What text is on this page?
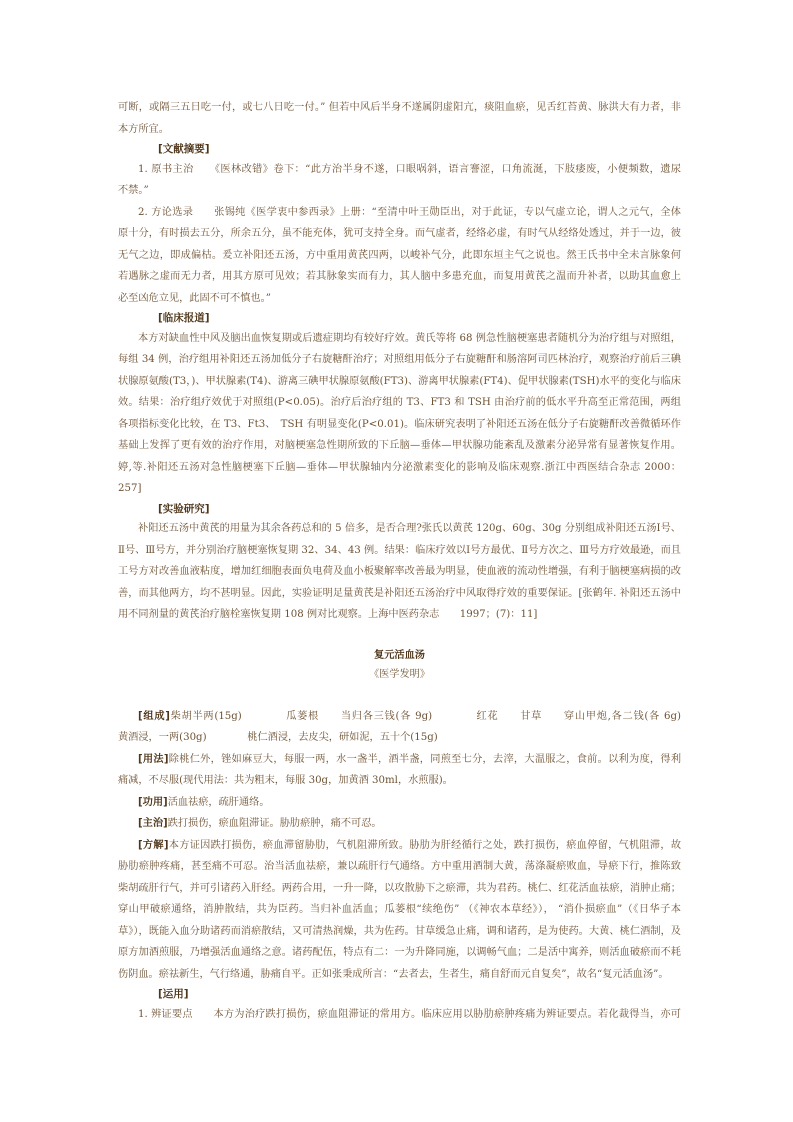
可断，或隔三五日吃一付，或七八日吃一付。” 但若中风后半身不遂属阴虚阳亢，痰阻血瘀，见舌红苔黄、脉洪大有力者，非
本方所宜。
[文献摘要]
1. 原书主治　　《医林改错》卷下：“此方治半身不遂，口眼㖞斜，语言謇涩，口角流涎，下肢痿废，小便频数，遗尿
不禁。”
2. 方论选录　　张锡纯《医学衷中参西录》上册：“至清中叶王勋臣出，对于此证，专以气虚立论，谓人之元气，全体
原十分，有时损去五分，所余五分，虽不能充体，犹可支持全身。而气虚者，经络必虚，有时气从经络处透过，并于一边，彼
无气之边，即成偏枯。爰立补阳还五汤，方中重用黄芪四两，以峻补气分，此即东垣主气之说也。然王氏书中全未言脉象何
若遇脉之虚而无力者，用其方原可见效；若其脉象实而有力，其人脑中多患充血，而复用黄芪之温而升补者，以助其血愈上
必至凶危立见，此固不可不慎也。”
[临床报道]
本方对缺血性中风及脑出血恢复期或后遗症期均有较好疗效。黄氏等将 68 例急性脑梗塞患者随机分为治疗组与对照组，
每组 34 例，治疗组用补阳还五汤加低分子右旋糖酐治疗；对照组用低分子右旋糖酐和肠溶阿司匹林治疗，观察治疗前后三碘
状腺原氨酸(T3，)、甲状腺素(T4)、游离三碘甲状腺原氨酸(FT3)、游离甲状腺素(FT4)、促甲状腺素(TSH)水平的变化与临床
效。结果：治疗组疗效优于对照组(P<0.05)。治疗后治疗组的 T3、FT3 和 TSH 由治疗前的低水平升高至正常范围，两组
各项指标变化比较，在 T3、Ft3、　TSH 有明显变化(P<0.01)。临床研究表明了补阳还五汤在低分子右旋糖酐改善微循环作
基础上发挥了更有效的治疗作用，对脑梗塞急性期所致的下丘脑—垂体—甲状腺功能紊乱及激素分泌异常有显著恢复作用。
婷,等.补阳还五汤对急性脑梗塞下丘脑—垂体—甲状腺轴内分泌激素变化的影响及临床观察.浙江中西医结合杂志 2000：
257]
[实验研究]
补阳还五汤中黄芪的用量为其余各药总和的 5 倍多，是否合理?张氏以黄芪 120g、60g、30g 分别组成补阳还五汤Ⅰ号、
Ⅱ号、Ⅲ号方，并分别治疗脑梗塞恢复期 32、34、43 例。结果：临床疗效以Ⅰ号方最优、Ⅱ号方次之、Ⅲ号方疗效最逊，而且
工号方对改善血液粘度，增加红细胞表面负电荷及血小板聚解率改善最为明显，使血液的流动性增强，有利于脑梗塞病损的改
善，而其他两方，均不甚明显。因此，实验证明足量黄芪是补阳还五汤治疗中风取得疗效的重要保证。[张鹤年. 补阳还五汤中
用不同剂量的黄芪治疗脑栓塞恢复期 108 例对比观察。上海中医药杂志　　1997；(7)：11]
复元活血汤
《医学发明》
[组成]柴胡半两(15g)　　　　瓜蒌根　　当归各三钱(各 9g)　　　　红花　　甘草　　穿山甲炮,各二钱(各 6g)　　　　
黄酒浸，一两(30g)　　　　桃仁酒浸，去皮尖，研如泥，五十个(15g)
[用法]除桃仁外，锉如麻豆大，每服一两，水一盏半，酒半盏，同煎至七分，去滓，大温服之，食前。以利为度，得利
痛减，不尽服(现代用法：共为粗末，每服 30g，加黄酒 30ml，水煎服)。
[功用]活血祛瘀，疏肝通络。
[主治]跌打损伤，瘀血阻滞证。胁肋瘀肿，痛不可忍。
[方解]本方证因跌打损伤，瘀血滞留胁肋，气机阻滞所致。胁肋为肝经循行之处，跌打损伤，瘀血停留，气机阻滞，故
胁肋瘀肿疼痛，甚至痛不可忍。治当活血祛瘀，兼以疏肝行气通络。方中重用酒制大黄，荡涤凝瘀败血，导瘀下行，推陈致
柴胡疏肝行气，并可引诸药入肝经。两药合用，一升一降，以攻散胁下之瘀滞，共为君药。桃仁、红花活血祛瘀，消肿止痛；
穿山甲破瘀通络，消肿散结，共为臣药。当归补血活血；瓜蒌根“续绝伤” （《神农本草经》）， “消仆损瘀血”（《日华子本
草》），既能入血分助诸药而消瘀散结，又可清热润燥，共为佐药。甘草缓急止痛，调和诸药，是为使药。大黄、桃仁酒制，及
原方加酒煎服，乃增强活血通络之意。诸药配伍，特点有二：一为升降同施，以调畅气血；二是活中寓养，则活血破瘀而不耗
伤阴血。瘀祛新生，气行络通，胁痛自平。正如张秉成所言：“去者去，生者生，痛自舒而元自复矣”，故名“复元活血汤”。
[运用]
1. 辨证要点　　本方为治疗跌打损伤，瘀血阻滞证的常用方。临床应用以胁肋瘀肿疼痛为辨证要点。若化裁得当，亦可
